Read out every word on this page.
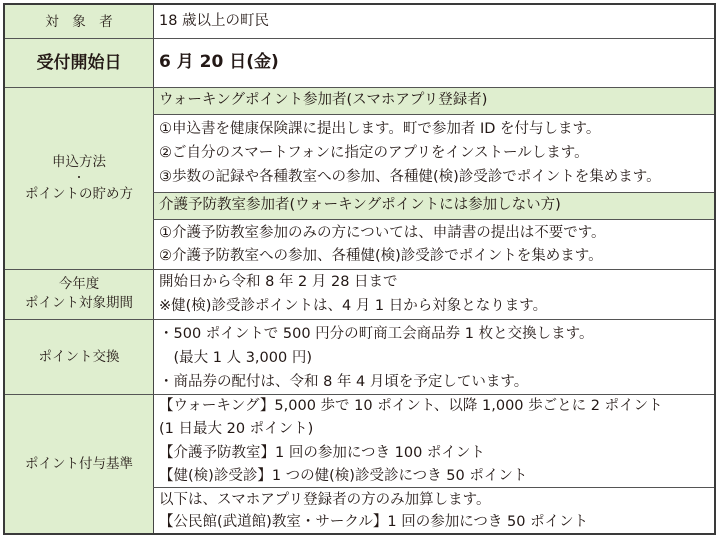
対　象　者
受付開始日
申込方法
・
ポイントの貯め方
今年度
ポイント対象期間
ポイント交換
ポイント付与基準
18 歳以上の町民
6 月 20 日(金)
ウォーキングポイント参加者(スマホアプリ登録者)
①申込書を健康保険課に提出します。町で参加者 ID を付与します。
②ご自分のスマートフォンに指定のアプリをインストールします。
③歩数の記録や各種教室への参加、各種健(検)診受診でポイントを集めます。
介護予防教室参加者(ウォーキングポイントには参加しない方)
①介護予防教室参加のみの方については、申請書の提出は不要です。
②介護予防教室への参加、各種健(検)診受診でポイントを集めます。
開始日から令和 8 年 2 月 28 日まで
※健(検)診受診ポイントは、4 月 1 日から対象となります。
・500 ポイントで 500 円分の町商工会商品券 1 枚と交換します。
　(最大 1 人 3,000 円)
・商品券の配付は、令和 8 年 4 月頃を予定しています。
【ウォーキング】5,000 歩で 10 ポイント、以降 1,000 歩ごとに 2 ポイント
(1 日最大 20 ポイント)
【介護予防教室】1 回の参加につき 100 ポイント
【健(検)診受診】1 つの健(検)診受診につき 50 ポイント
以下は、スマホアプリ登録者の方のみ加算します。
【公民館(武道館)教室・サークル】1 回の参加につき 50 ポイント
